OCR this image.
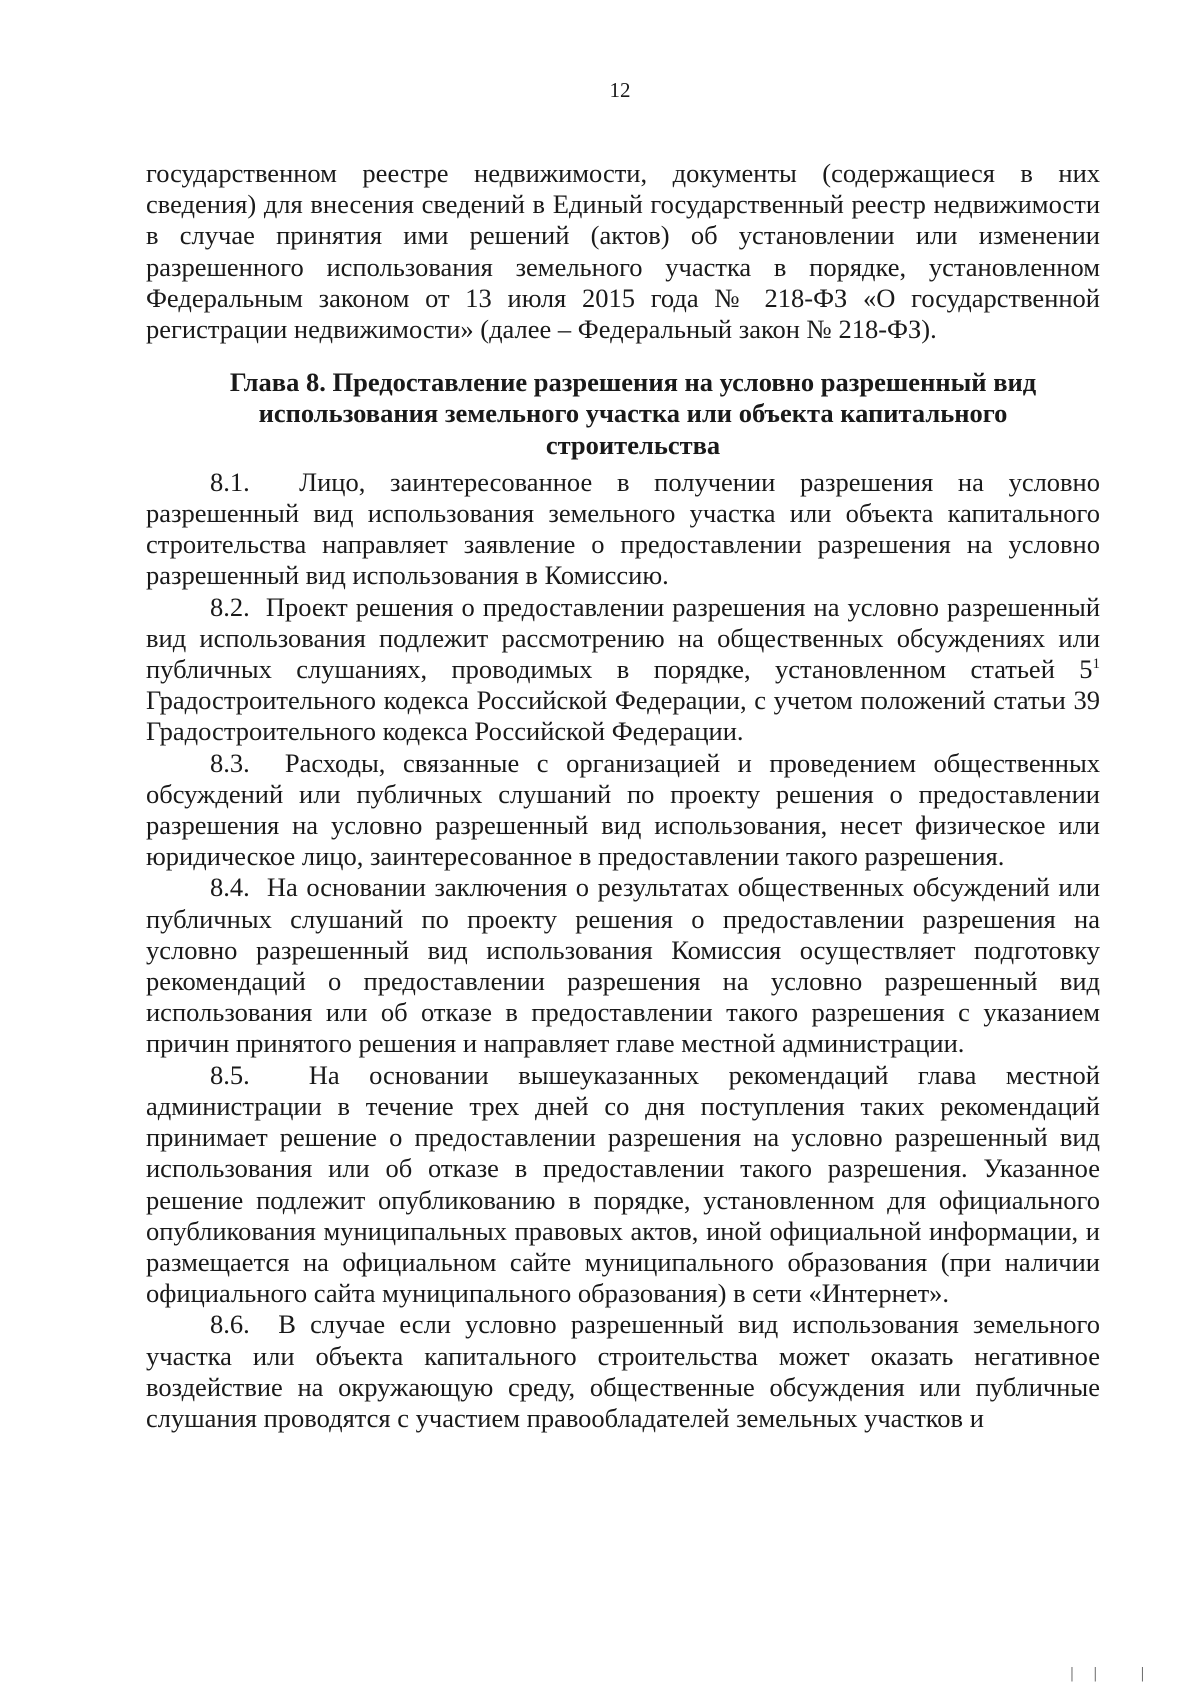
12

государственном реестре недвижимости, документы (содержащиеся в них сведения) для внесения сведений в Единый государственный реестр недвижимости в случае принятия ими решений (актов) об установлении или изменении разрешенного использования земельного участка в порядке, установленном Федеральным законом от 13 июля 2015 года № 218-ФЗ «О государственной регистрации недвижимости» (далее – Федеральный закон № 218-ФЗ).

Глава 8. Предоставление разрешения на условно разрешенный вид использования земельного участка или объекта капитального строительства

8.1. Лицо, заинтересованное в получении разрешения на условно разрешенный вид использования земельного участка или объекта капитального строительства направляет заявление о предоставлении разрешения на условно разрешенный вид использования в Комиссию.

8.2. Проект решения о предоставлении разрешения на условно разрешенный вид использования подлежит рассмотрению на общественных обсуждениях или публичных слушаниях, проводимых в порядке, установленном статьей $5^1$ Градостроительного кодекса Российской Федерации, с учетом положений статьи 39 Градостроительного кодекса Российской Федерации.

8.3. Расходы, связанные с организацией и проведением общественных обсуждений или публичных слушаний по проекту решения о предоставлении разрешения на условно разрешенный вид использования, несет физическое или юридическое лицо, заинтересованное в предоставлении такого разрешения.

8.4. На основании заключения о результатах общественных обсуждений или публичных слушаний по проекту решения о предоставлении разрешения на условно разрешенный вид использования Комиссия осуществляет подготовку рекомендаций о предоставлении разрешения на условно разрешенный вид использования или об отказе в предоставлении такого разрешения с указанием причин принятого решения и направляет главе местной администрации.

8.5. На основании вышеуказанных рекомендаций глава местной администрации в течение трех дней со дня поступления таких рекомендаций принимает решение о предоставлении разрешения на условно разрешенный вид использования или об отказе в предоставлении такого разрешения. Указанное решение подлежит опубликованию в порядке, установленном для официального опубликования муниципальных правовых актов, иной официальной информации, и размещается на официальном сайте муниципального образования (при наличии официального сайта муниципального образования) в сети «Интернет».

8.6. В случае если условно разрешенный вид использования земельного участка или объекта капитального строительства может оказать негативное воздействие на окружающую среду, общественные обсуждения или публичные слушания проводятся с участием правообладателей земельных участков и

| |   |
